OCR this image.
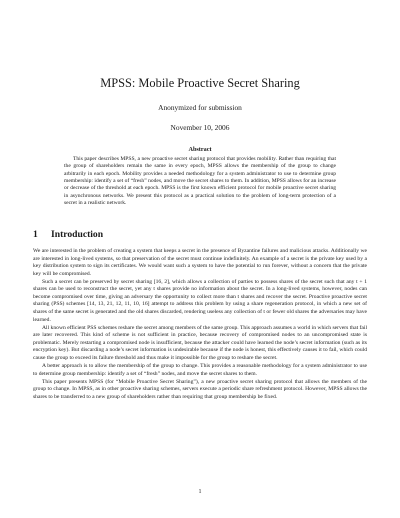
MPSS: Mobile Proactive Secret Sharing
Anonymized for submission
November 10, 2006
Abstract

This paper describes MPSS, a new proactive secret sharing protocol that provides mobility. Rather than requiring that the group of shareholders remain the same in every epoch, MPSS allows the membership of the group to change arbitrarily in each epoch. Mobility provides a needed methodology for a system administrator to use to determine group membership: identify a set of “fresh” nodes, and move the secret shares to them. In addition, MPSS allows for an increase or decrease of the threshold at each epoch. MPSS is the first known efficient protocol for mobile proactive secret sharing in asynchronous networks. We present this protocol as a practical solution to the problem of long-term protection of a secret in a realistic network.

1 Introduction

We are interested in the problem of creating a system that keeps a secret in the presence of Byzantine failures and malicious attacks. Additionally we are interested in long-lived systems, so that preservation of the secret must continue indefinitely. An example of a secret is the private key used by a key distribution system to sign its certificates. We would want such a system to have the potential to run forever, without a concern that the private key will be compromised.

Such a secret can be preserved by secret sharing [16, 2], which allows a collection of parties to possess shares of the secret such that any t + 1 shares can be used to reconstruct the secret, yet any t shares provide no information about the secret. In a long-lived systems, however, nodes can become compromised over time, giving an adversary the opportunity to collect more than t shares and recover the secret. Proactive proactive secret sharing (PSS) schemes [14, 13, 21, 12, 11, 10, 16] attempt to address this problem by using a share regeneration protocol, in which a new set of shares of the same secret is generated and the old shares discarded, rendering useless any collection of t or fewer old shares the adversaries may have learned.

All known efficient PSS schemes reshare the secret among members of the same group. This approach assumes a world in which servers that fail are later recovered. This kind of scheme is not sufficient in practice, because recovery of compromised nodes to an uncompromised state is problematic. Merely restarting a compromised node is insufficient, because the attacker could have learned the node’s secret information (such as its encryption key). But discarding a node’s secret information is undesirable because if the node is honest, this effectively causes it to fail, which could cause the group to exceed its failure threshold and thus make it impossible for the group to reshare the secret.

A better approach is to allow the membership of the group to change. This provides a reasonable methodology for a system administrator to use to determine group membership: identify a set of “fresh” nodes, and move the secret shares to them.

This paper presents MPSS (for “Mobile Proactive Secret Sharing”), a new proactive secret sharing protocol that allows the members of the group to change. In MPSS, as in other proactive sharing schemes, servers execute a periodic share refreshment protocol. However, MPSS allows the shares to be transferred to a new group of shareholders rather than requiring that group membership be fixed.

1
